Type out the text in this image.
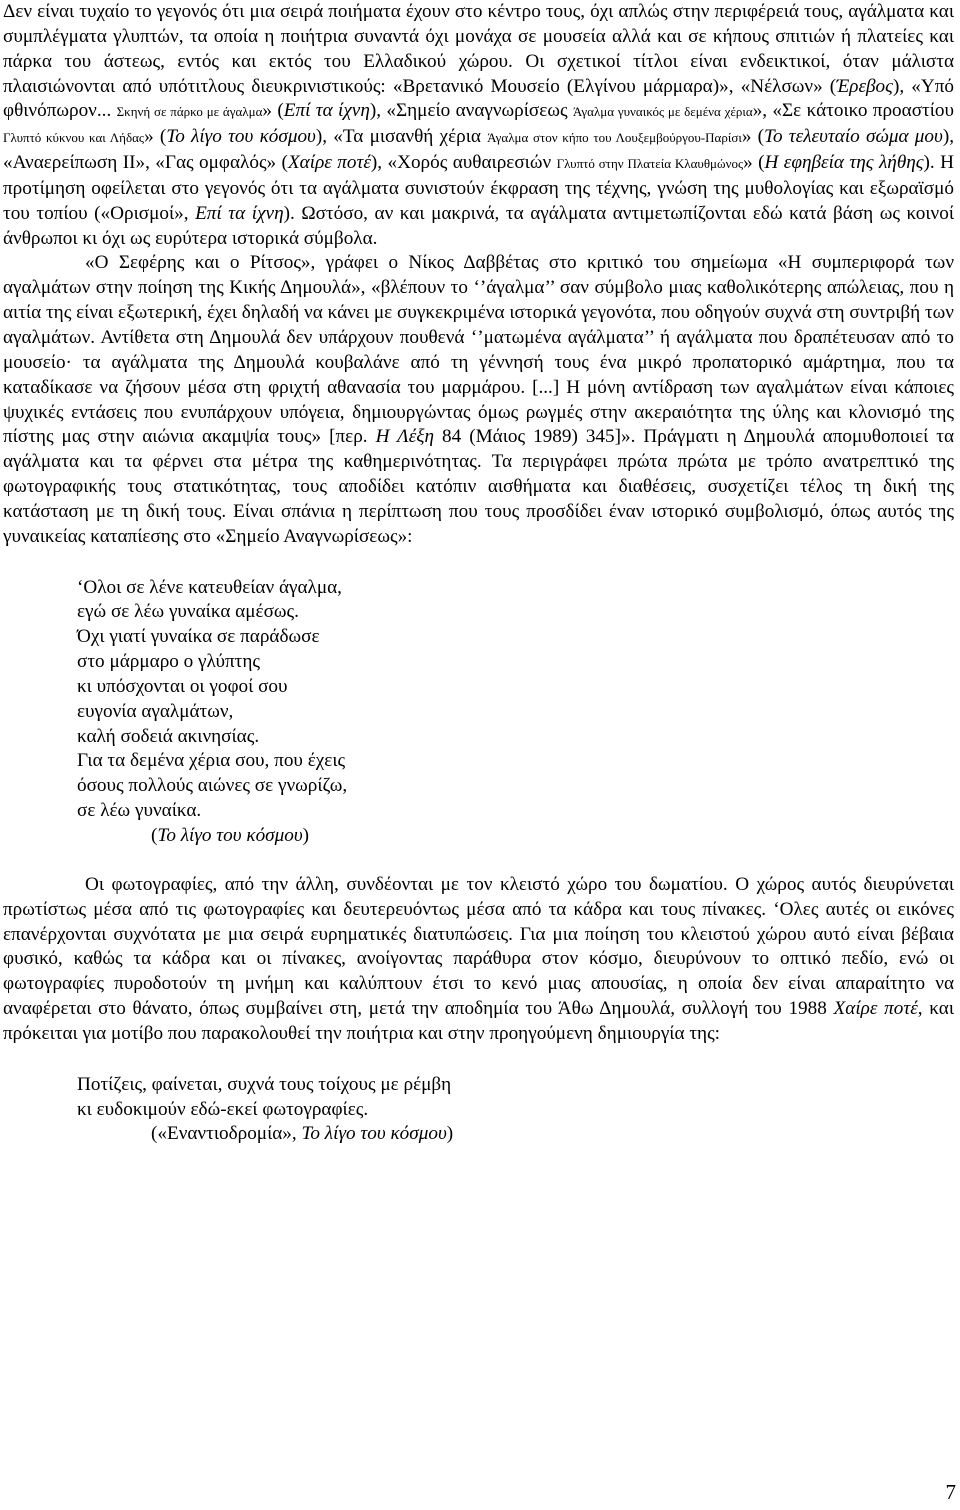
Δεν είναι τυχαίο το γεγονός ότι μια σειρά ποιήματα έχουν στο κέντρο τους, όχι απλώς στην περιφέρειά τους, αγάλματα και συμπλέγματα γλυπτών, τα οποία η ποιήτρια συναντά όχι μονάχα σε μουσεία αλλά και σε κήπους σπιτιών ή πλατείες και πάρκα του άστεως, εντός και εκτός του Ελλαδικού χώρου. Οι σχετικοί τίτλοι είναι ενδεικτικοί, όταν μάλιστα πλαισιώνονται από υπότιτλους διευκρινιστικούς: «Βρετανικό Μουσείο (Ελγίνου μάρμαρα)», «Νέλσων» (Έρεβος), «Υπό φθινόπωρον... Σκηνή σε πάρκο με άγαλμα» (Επί τα ίχνη), «Σημείο αναγνωρίσεως Άγαλμα γυναικός με δεμένα χέρια», «Σε κάτοικο προαστίου Γλυπτό κύκνου και Λήδας» (Το λίγο του κόσμου), «Τα μισανθή χέρια Άγαλμα στον κήπο του Λουξεμβούργου-Παρίσι» (Το τελευταίο σώμα μου), «Αναερείπωση ΙΙ», «Γας ομφαλός» (Χαίρε ποτέ), «Χορός αυθαιρεσιών Γλυπτό στην Πλατεία Κλαυθμώνος» (Η εφηβεία της λήθης). Η προτίμηση οφείλεται στο γεγονός ότι τα αγάλματα συνιστούν έκφραση της τέχνης, γνώση της μυθολογίας και εξωραϊσμό του τοπίου («Ορισμοί», Επί τα ίχνη). Ωστόσο, αν και μακρινά, τα αγάλματα αντιμετωπίζονται εδώ κατά βάση ως κοινοί άνθρωποι κι όχι ως ευρύτερα ιστορικά σύμβολα.

«Ο Σεφέρης και ο Ρίτσος», γράφει ο Νίκος Δαββέτας στο κριτικό του σημείωμα «Η συμπεριφορά των αγαλμάτων στην ποίηση της Κικής Δημουλά», «βλέπουν το ‘’άγαλμα’’ σαν σύμβολο μιας καθολικότερης απώλειας, που η αιτία της είναι εξωτερική, έχει δηλαδή να κάνει με συγκεκριμένα ιστορικά γεγονότα, που οδηγούν συχνά στη συντριβή των αγαλμάτων. Αντίθετα στη Δημουλά δεν υπάρχουν πουθενά ‘’ματωμένα αγάλματα’’ ή αγάλματα που δραπέτευσαν από το μουσείο· τα αγάλματα της Δημουλά κουβαλάνε από τη γέννησή τους ένα μικρό προπατορικό αμάρτημα, που τα καταδίκασε να ζήσουν μέσα στη φριχτή αθανασία του μαρμάρου. [...] Η μόνη αντίδραση των αγαλμάτων είναι κάποιες ψυχικές εντάσεις που ενυπάρχουν υπόγεια, δημιουργώντας όμως ρωγμές στην ακεραιότητα της ύλης και κλονισμό της πίστης μας στην αιώνια ακαμψία τους» [περ. Η Λέξη 84 (Μάιος 1989) 345]». Πράγματι η Δημουλά απομυθοποιεί τα αγάλματα και τα φέρνει στα μέτρα της καθημερινότητας. Τα περιγράφει πρώτα πρώτα με τρόπο ανατρεπτικό της φωτογραφικής τους στατικότητας, τους αποδίδει κατόπιν αισθήματα και διαθέσεις, συσχετίζει τέλος τη δική της κατάσταση με τη δική τους. Είναι σπάνια η περίπτωση που τους προσδίδει έναν ιστορικό συμβολισμό, όπως αυτός της γυναικείας καταπίεσης στο «Σημείο Αναγνωρίσεως»:

‘Ολοι σε λένε κατευθείαν άγαλμα,
εγώ σε λέω γυναίκα αμέσως.
Όχι γιατί γυναίκα σε παράδωσε
στο μάρμαρο ο γλύπτης
κι υπόσχονται οι γοφοί σου
ευγονία αγαλμάτων,
καλή σοδειά ακινησίας.
Για τα δεμένα χέρια σου, που έχεις
όσους πολλούς αιώνες σε γνωρίζω,
σε λέω γυναίκα.
(Το λίγο του κόσμου)

Οι φωτογραφίες, από την άλλη, συνδέονται με τον κλειστό χώρο του δωματίου. Ο χώρος αυτός διευρύνεται πρωτίστως μέσα από τις φωτογραφίες και δευτερευόντως μέσα από τα κάδρα και τους πίνακες. ‘Ολες αυτές οι εικόνες επανέρχονται συχνότατα με μια σειρά ευρηματικές διατυπώσεις. Για μια ποίηση του κλειστού χώρου αυτό είναι βέβαια φυσικό, καθώς τα κάδρα και οι πίνακες, ανοίγοντας παράθυρα στον κόσμο, διευρύνουν το οπτικό πεδίο, ενώ οι φωτογραφίες πυροδοτούν τη μνήμη και καλύπτουν έτσι το κενό μιας απουσίας, η οποία δεν είναι απαραίτητο να αναφέρεται στο θάνατο, όπως συμβαίνει στη, μετά την αποδημία του Άθω Δημουλά, συλλογή του 1988 Χαίρε ποτέ, και πρόκειται για μοτίβο που παρακολουθεί την ποιήτρια και στην προηγούμενη δημιουργία της:

Ποτίζεις, φαίνεται, συχνά τους τοίχους με ρέμβη
κι ευδοκιμούν εδώ-εκεί φωτογραφίες.
(«Εναντιοδρομία», Το λίγο του κόσμου)
7
